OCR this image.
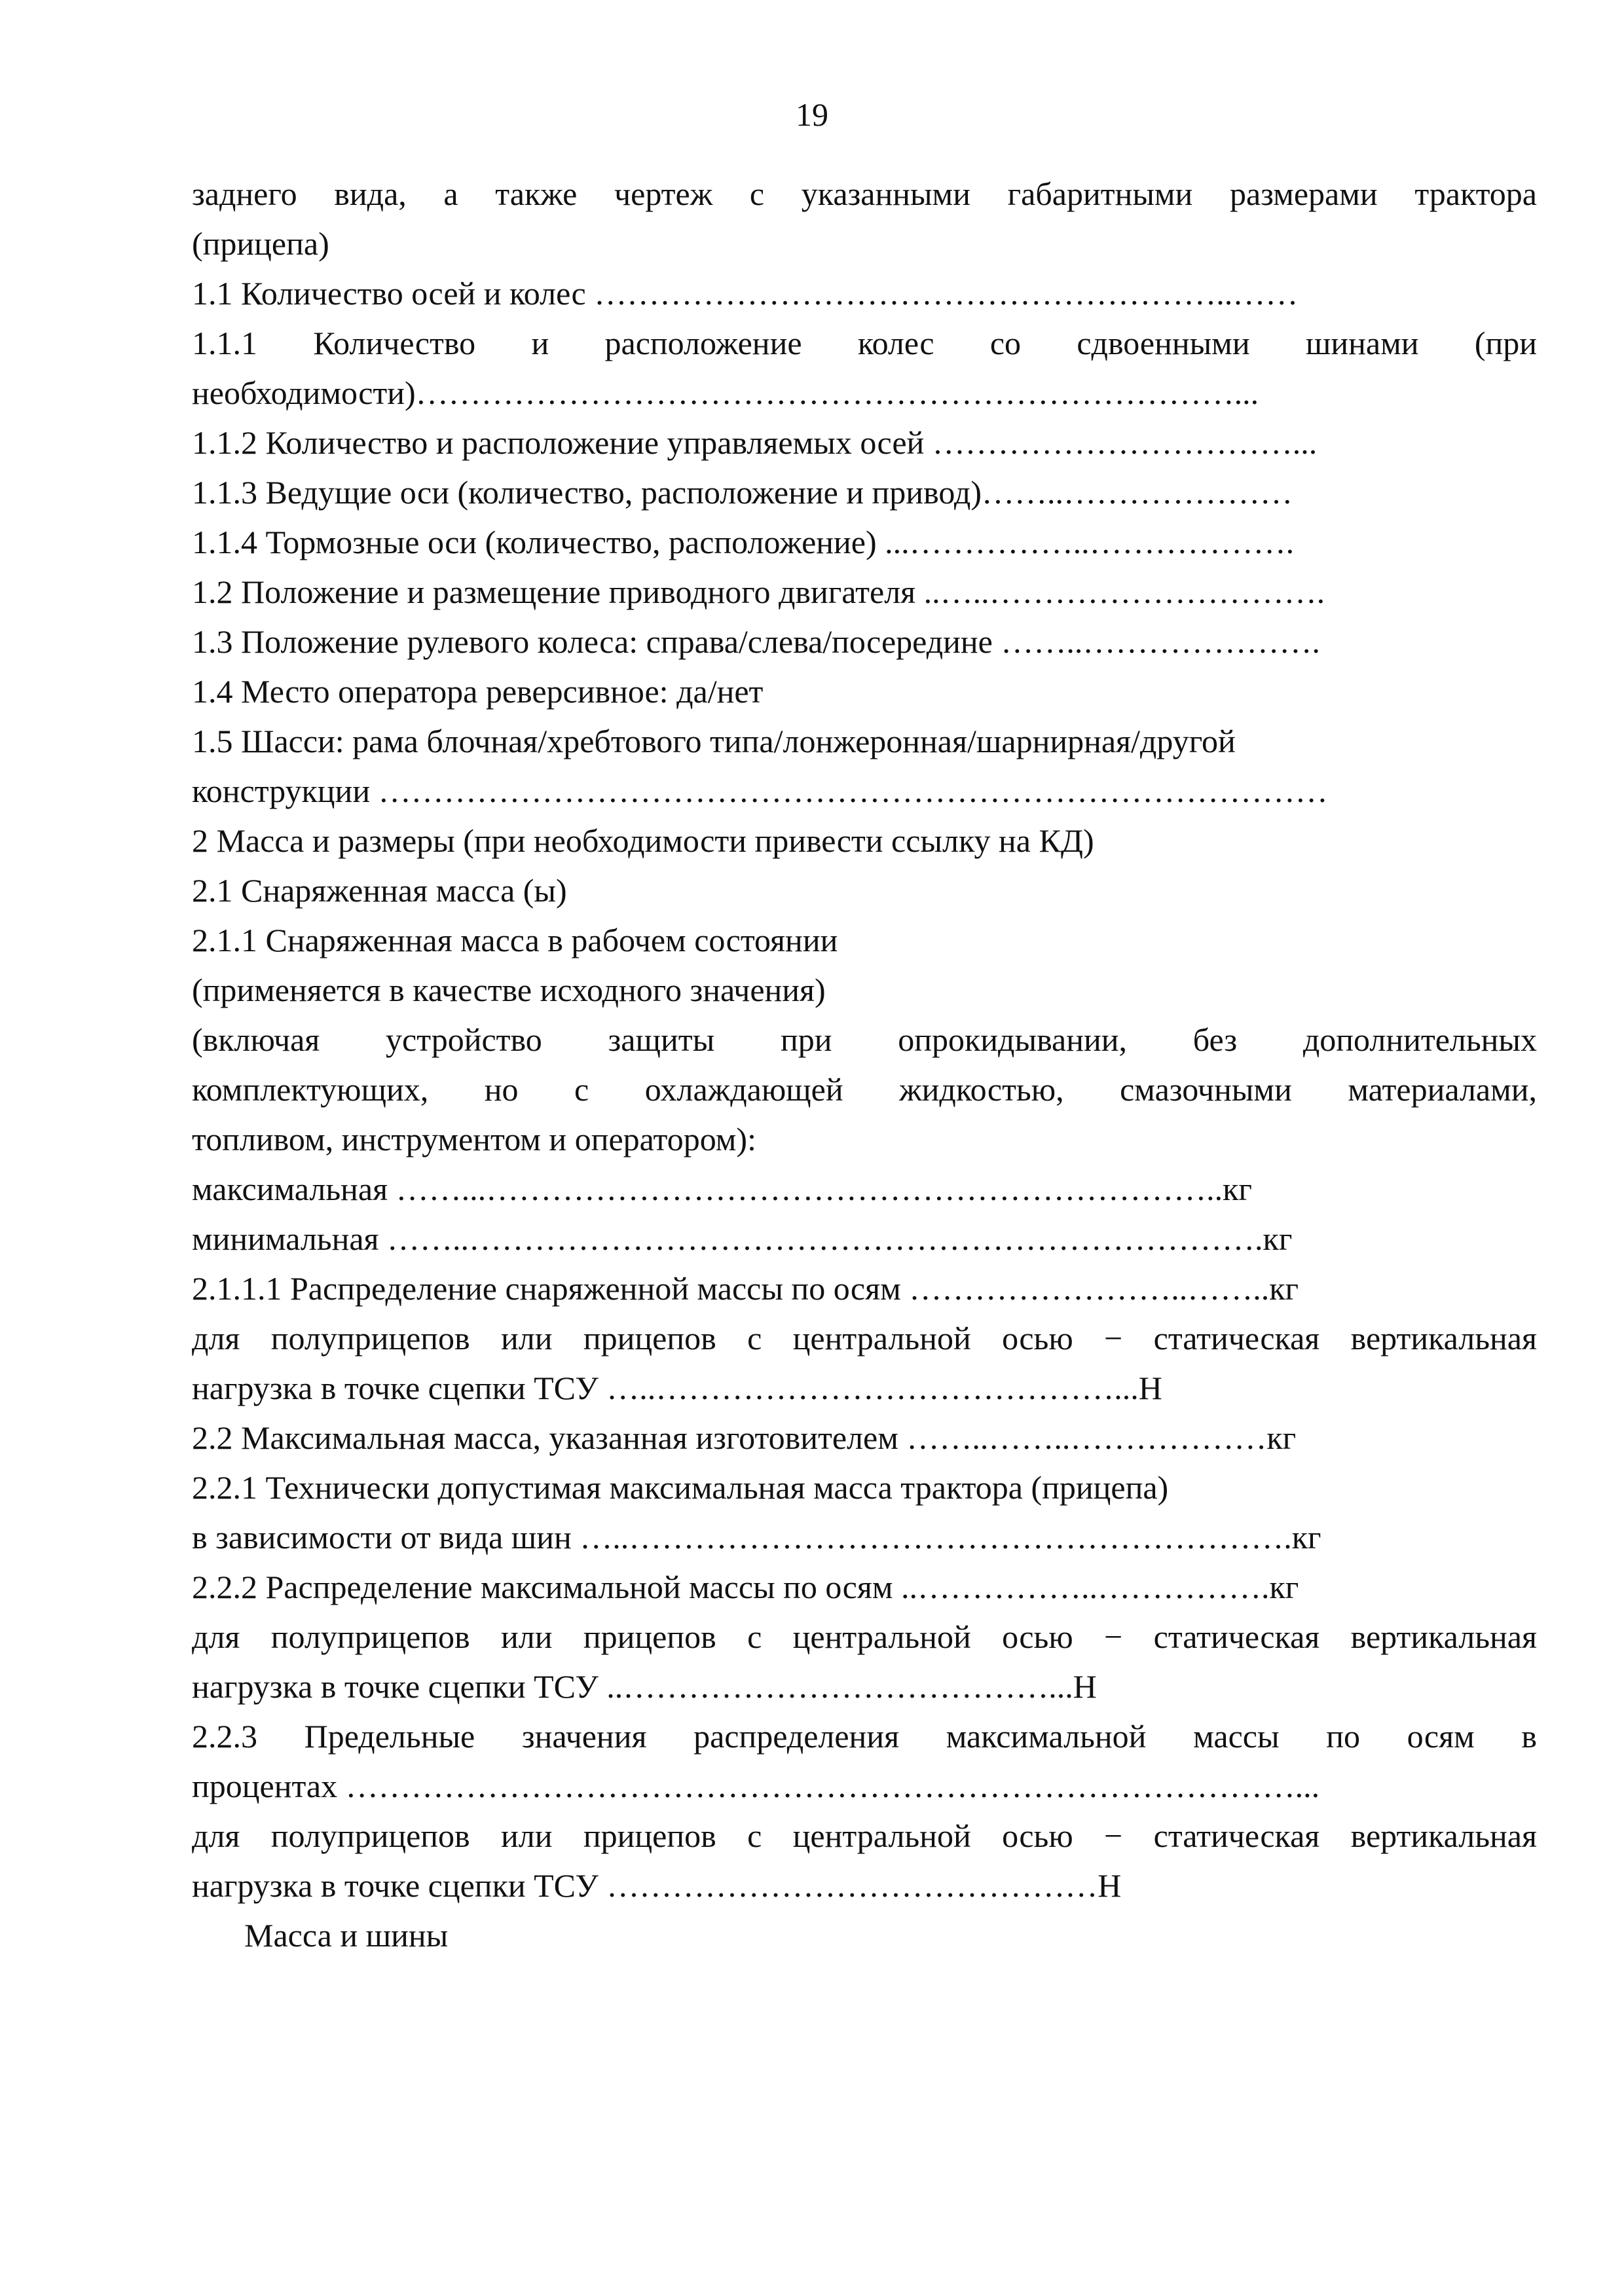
19
заднего вида, а также чертеж с указанными габаритными размерами трактора
(прицепа)
1.1 Количество осей и колес …………………………………………………..……
1.1.1 Количество и расположение колес со сдвоенными шинами (при
необходимости)…………………………………………………………………...
1.1.2 Количество и расположение управляемых осей ……………………………...
1.1.3 Ведущие оси (количество, расположение и привод)……..…………………
1.1.4 Тормозные оси (количество, расположение) ...……………..……………….
1.2 Положение и размещение приводного двигателя ..…..………………………….
1.3 Положение рулевого колеса: справа/слева/посередине ……..………………….
1.4 Место оператора реверсивное: да/нет
1.5 Шасси: рама блочная/хребтового типа/лонжеронная/шарнирная/другой
конструкции ……………………………………………………………………………
2 Масса и размеры (при необходимости привести ссылку на КД)
2.1 Снаряженная масса (ы)
2.1.1 Снаряженная масса в рабочем состоянии
(применяется в качестве исходного значения)
(включая устройство защиты при опрокидывании, без дополнительных
комплектующих, но с охлаждающей жидкостью, смазочными материалами,
топливом, инструментом и оператором):
максимальная ……...…………………………………………………………..кг
минимальная ……..……………………………………………………………….кг
2.1.1.1 Распределение снаряженной массы по осям ……………………..……..кг
для полуприцепов или прицепов с центральной осью − статическая вертикальная
нагрузка в точке сцепки ТСУ …..……………………………………...Н
2.2 Максимальная масса, указанная изготовителем ……..……..………………кг
2.2.1 Технически допустимая максимальная масса трактора (прицепа)
в зависимости от вида шин …..…………………………………………………….кг
2.2.2 Распределение максимальной массы по осям ..……………..…………….кг
для полуприцепов или прицепов с центральной осью − статическая вертикальная
нагрузка в точке сцепки ТСУ ..…………………………………...Н
2.2.3 Предельные значения распределения максимальной массы по осям в
процентах ……………………………………………………………………………...
для полуприцепов или прицепов с центральной осью − статическая вертикальная
нагрузка в точке сцепки ТСУ ………………………………………Н
Масса и шины
